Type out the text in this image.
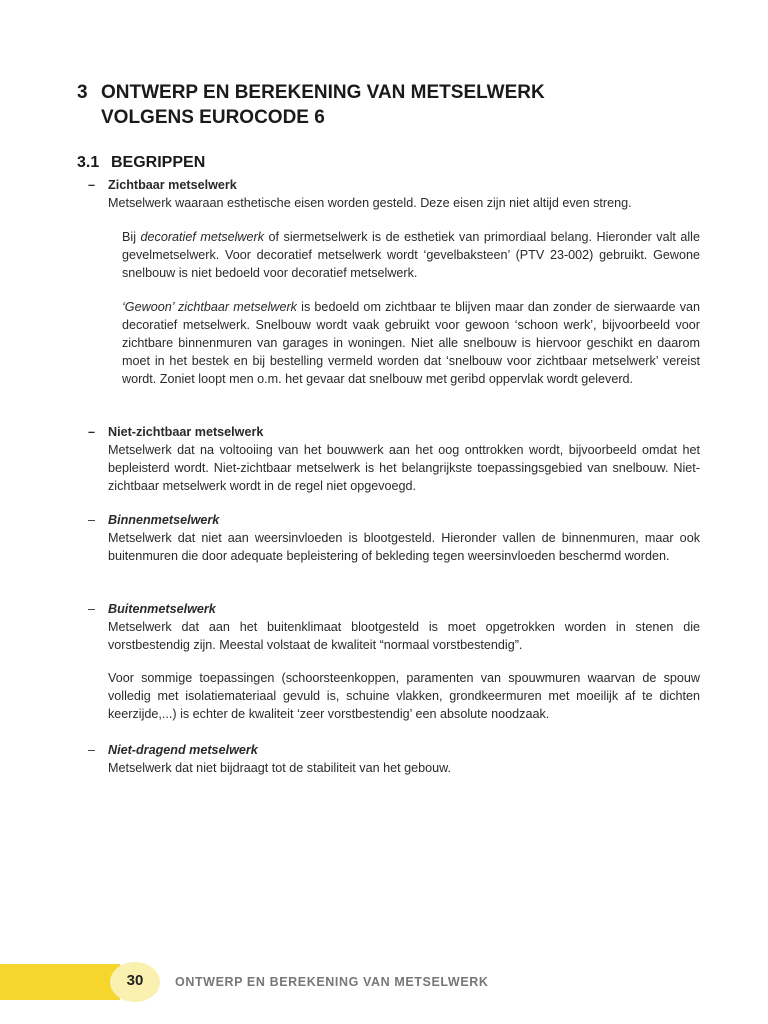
3 ONTWERP EN BEREKENING VAN METSELWERK
VOLGENS EUROCODE 6
3.1 BEGRIPPEN
– Zichtbaar metselwerk
Metselwerk waaraan esthetische eisen worden gesteld. Deze eisen zijn niet altijd even streng.

Bij decoratief metselwerk of siermetselwerk is de esthetiek van primordiaal belang. Hieronder valt alle gevelmetselwerk. Voor decoratief metselwerk wordt ‘gevelbaksteen’ (PTV 23-002) gebruikt. Gewone snelbouw is niet bedoeld voor decoratief metselwerk.

‘Gewoon’ zichtbaar metselwerk is bedoeld om zichtbaar te blijven maar dan zonder de sierwaarde van decoratief metselwerk. Snelbouw wordt vaak gebruikt voor gewoon ‘schoon werk’, bijvoorbeeld voor zichtbare binnenmuren van garages in woningen. Niet alle snelbouw is hiervoor geschikt en daarom moet in het bestek en bij bestelling vermeld worden dat ‘snelbouw voor zichtbaar metselwerk’ vereist wordt. Zoniet loopt men o.m. het gevaar dat snelbouw met geribd oppervlak wordt geleverd.

– Niet-zichtbaar metselwerk
Metselwerk dat na voltooiing van het bouwwerk aan het oog onttrokken wordt, bijvoorbeeld omdat het bepleisterd wordt. Niet-zichtbaar metselwerk is het belangrijkste toepassingsgebied van snelbouw. Niet-zichtbaar metselwerk wordt in de regel niet opgevoegd.
– Binnenmetselwerk
Metselwerk dat niet aan weersinvloeden is blootgesteld. Hieronder vallen de binnenmuren, maar ook buitenmuren die door adequate bepleistering of bekleding tegen weersinvloeden beschermd worden.
– Buitenmetselwerk
Metselwerk dat aan het buitenklimaat blootgesteld is moet opgetrokken worden in stenen die vorstbestendig zijn. Meestal volstaat de kwaliteit “normaal vorstbestendig”.

Voor sommige toepassingen (schoorsteenkoppen, paramenten van spouwmuren waarvan de spouw volledig met isolatiemateriaal gevuld is, schuine vlakken, grondkeermuren met moeilijk af te dichten keerzijde,...) is echter de kwaliteit ‘zeer vorstbestendig’ een absolute noodzaak.

– Niet-dragend metselwerk
Metselwerk dat niet bijdraagt tot de stabiliteit van het gebouw.
30	ONTWERP EN BEREKENING VAN METSELWERK
